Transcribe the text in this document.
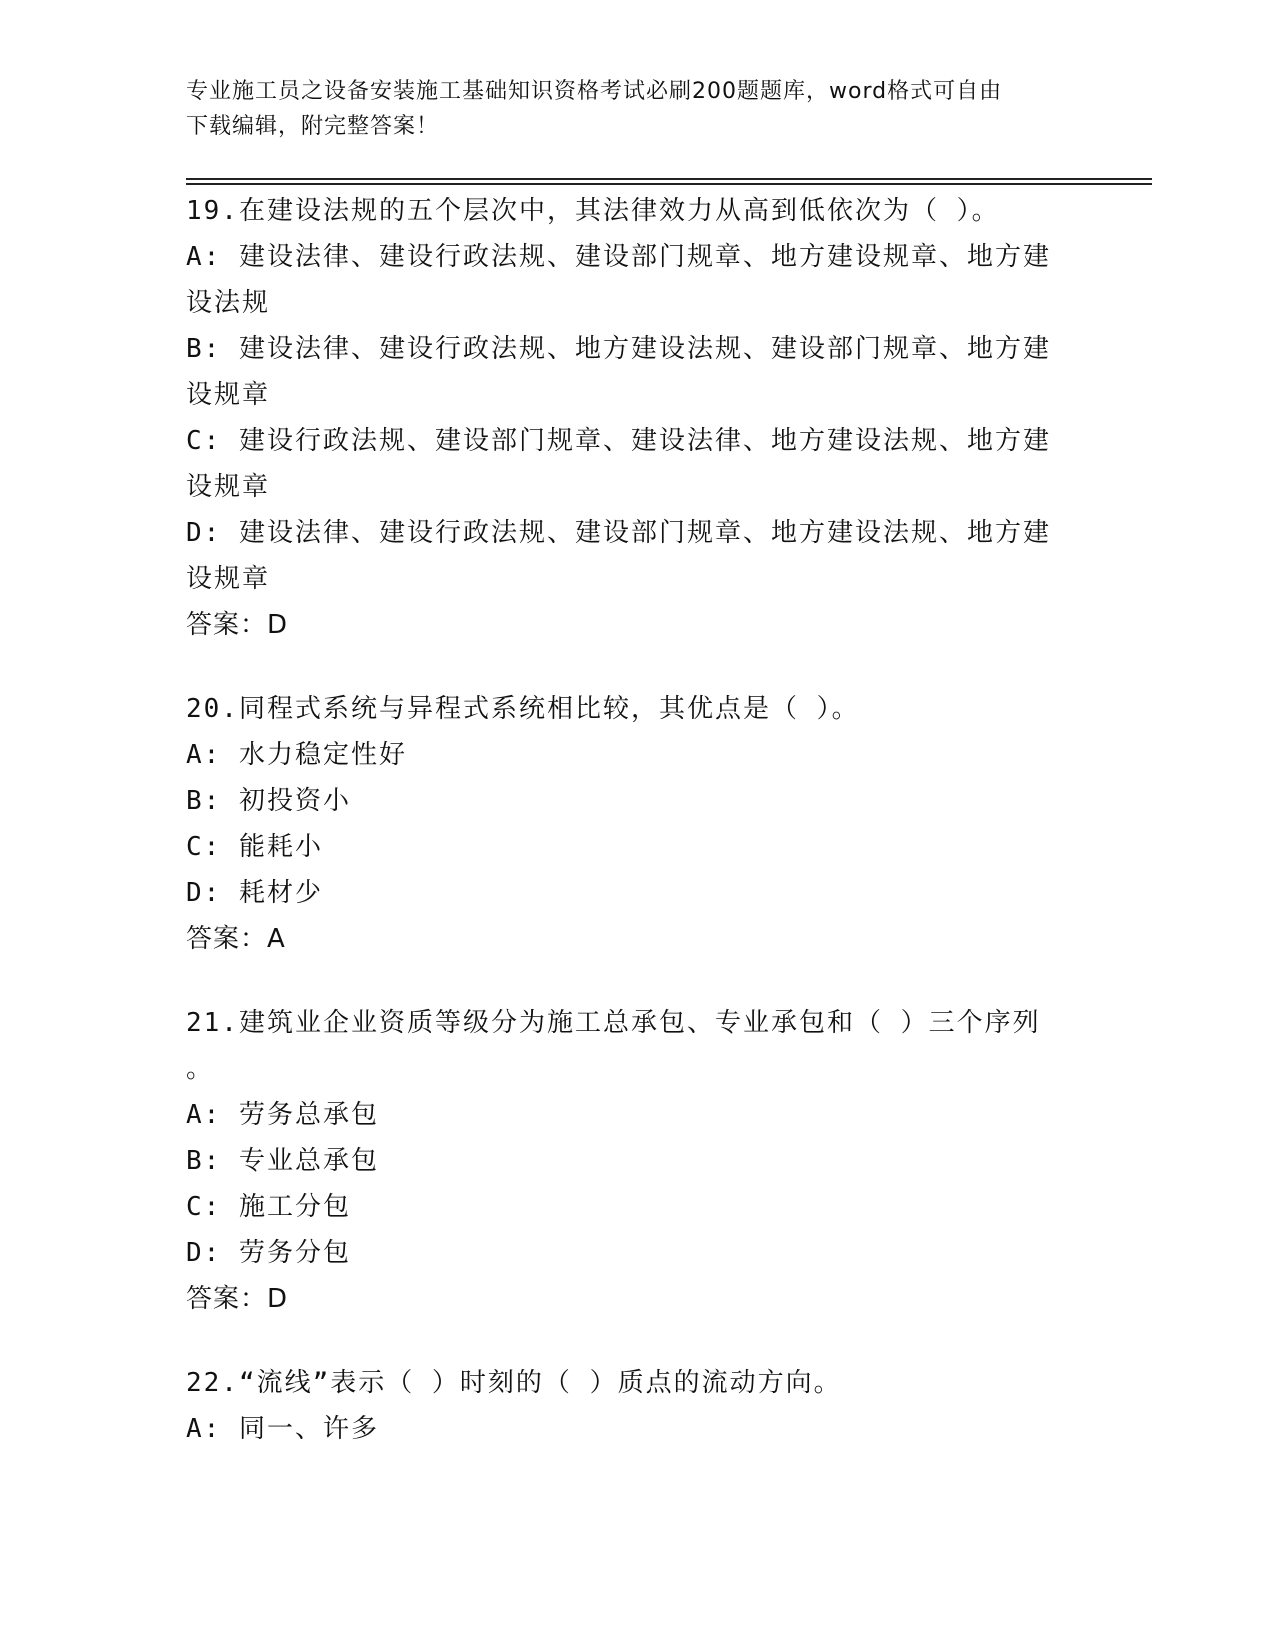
专业施工员之设备安装施工基础知识资格考试必刷200题题库，word格式可自由
下载编辑，附完整答案！

19.在建设法规的五个层次中，其法律效力从高到低依次为（ ）。

A: 建设法律、建设行政法规、建设部门规章、地方建设规章、地方建

设法规

B: 建设法律、建设行政法规、地方建设法规、建设部门规章、地方建

设规章

C: 建设行政法规、建设部门规章、建设法律、地方建设法规、地方建

设规章

D: 建设法律、建设行政法规、建设部门规章、地方建设法规、地方建

设规章

答案：D

20.同程式系统与异程式系统相比较，其优点是（ ）。

A: 水力稳定性好

B: 初投资小

C: 能耗小

D: 耗材少

答案：A

21.建筑业企业资质等级分为施工总承包、专业承包和（ ）三个序列

。

A: 劳务总承包

B: 专业总承包

C: 施工分包

D: 劳务分包

答案：D

22.“流线”表示（ ）时刻的（ ）质点的流动方向。

A: 同一、许多
